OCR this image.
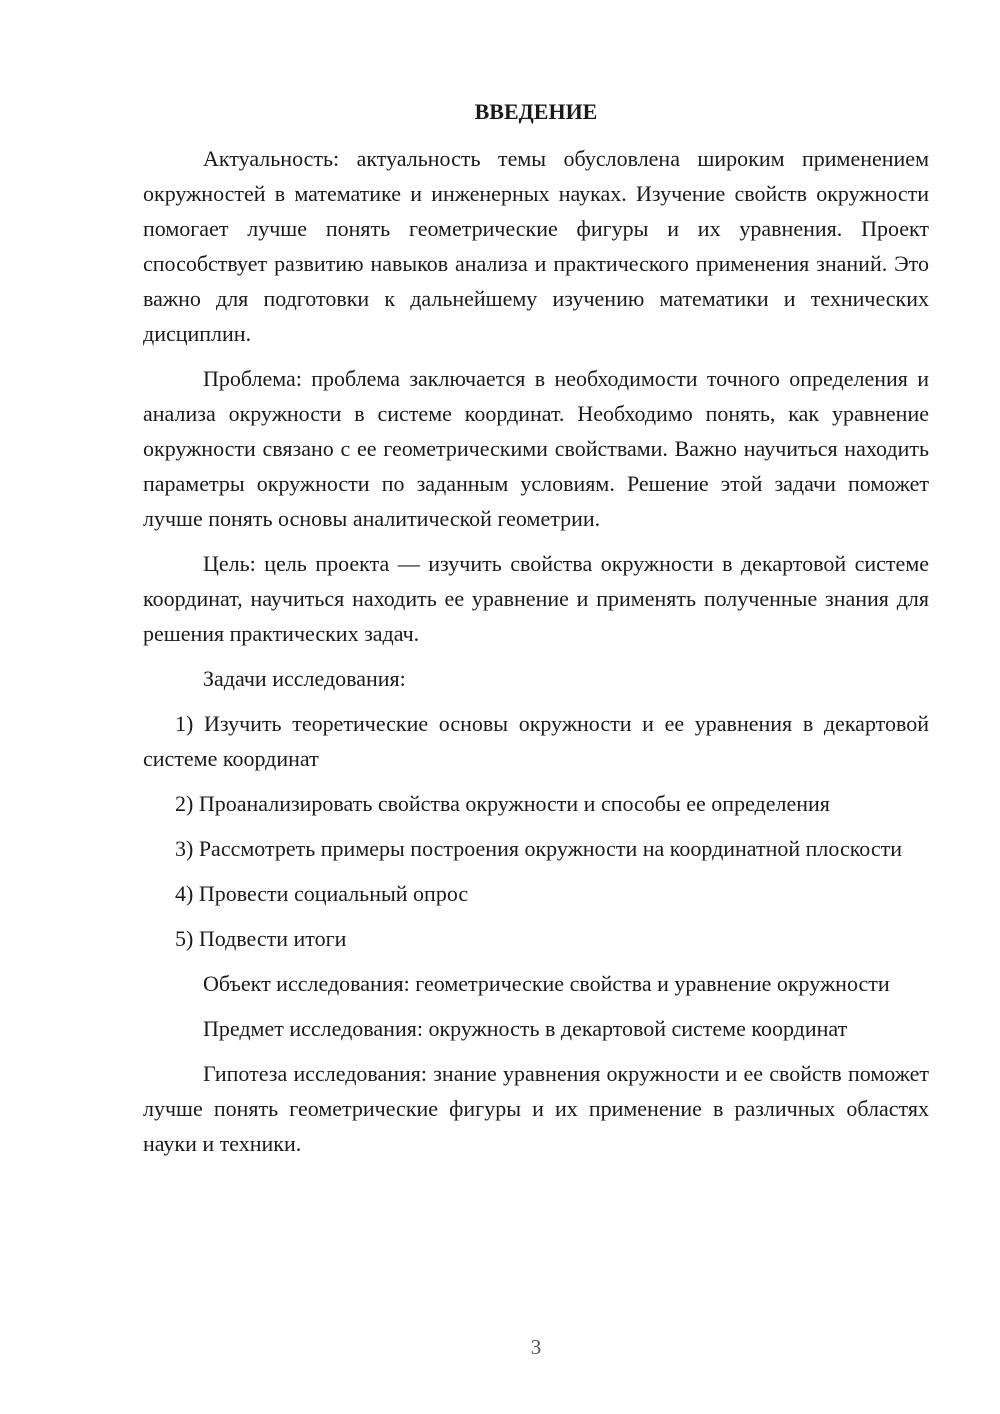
ВВЕДЕНИЕ

Актуальность: актуальность темы обусловлена широким применением окружностей в математике и инженерных науках. Изучение свойств окружности помогает лучше понять геометрические фигуры и их уравнения. Проект способствует развитию навыков анализа и практического применения знаний. Это важно для подготовки к дальнейшему изучению математики и технических дисциплин.

Проблема: проблема заключается в необходимости точного определения и анализа окружности в системе координат. Необходимо понять, как уравнение окружности связано с ее геометрическими свойствами. Важно научиться находить параметры окружности по заданным условиям. Решение этой задачи поможет лучше понять основы аналитической геометрии.

Цель: цель проекта — изучить свойства окружности в декартовой системе координат, научиться находить ее уравнение и применять полученные знания для решения практических задач.

Задачи исследования:

1) Изучить теоретические основы окружности и ее уравнения в декартовой системе координат

2) Проанализировать свойства окружности и способы ее определения

3) Рассмотреть примеры построения окружности на координатной плоскости

4) Провести социальный опрос

5) Подвести итоги

Объект исследования: геометрические свойства и уравнение окружности

Предмет исследования: окружность в декартовой системе координат

Гипотеза исследования: знание уравнения окружности и ее свойств поможет лучше понять геометрические фигуры и их применение в различных областях науки и техники.

3
